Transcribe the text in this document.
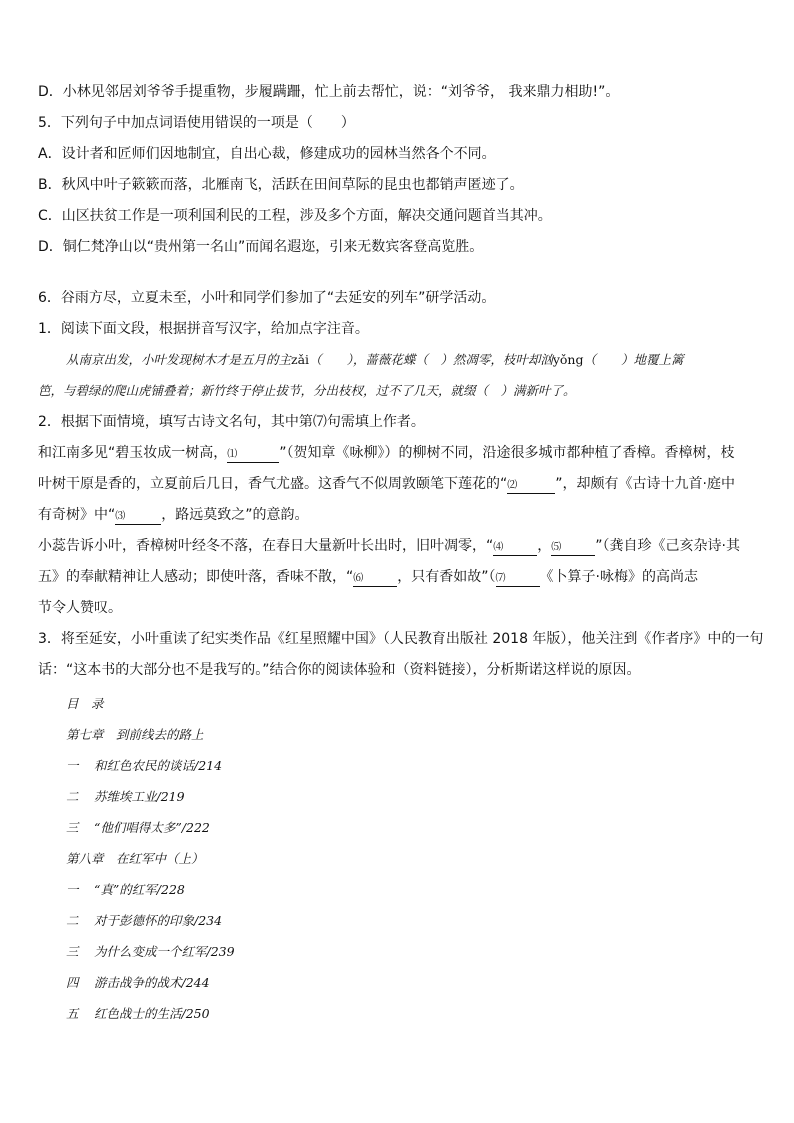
D．小林见邻居刘爷爷手提重物，步履蹒跚，忙上前去帮忙，说：“刘爷爷， 我来鼎力相助!”。
5．下列句子中加点词语使用错误的一项是（　　）
A．设计者和匠师们因地制宜，自出心裁，修建成功的园林当然各个不同。
B．秋风中叶子簌簌而落，北雁南飞，活跃在田间草际的昆虫也都销声匿迹了。
C．山区扶贫工作是一项利国利民的工程，涉及多个方面，解决交通问题首当其冲。
D．铜仁梵净山以“贵州第一名山”而闻名遐迩，引来无数宾客登高览胜。
6．谷雨方尽，立夏未至，小叶和同学们参加了“去延安的列车”研学活动。
1．阅读下面文段，根据拼音写汉字，给加点字注音。
从南京出发，小叶发现树木才是五月的主zǎi（　　），蔷薇花蝶（　）然凋零，枝叶却汹yǒng（　　）地覆上篱
笆，与碧绿的爬山虎铺叠着；新竹终于停止拔节，分出枝杈，过不了几天，就缀（　）满新叶了。
2．根据下面情境，填写古诗文名句，其中第⑺句需填上作者。
和江南多见“碧玉妆成一树高，⑴	”（贺知章《咏柳》）的柳树不同，沿途很多城市都种植了香樟。香樟树，枝
叶树干原是香的，立夏前后几日，香气尤盛。这香气不似周敦颐笔下莲花的“⑵	”，却颇有《古诗十九首·庭中
有奇树》中“⑶	，路远莫致之”的意韵。
小蕊告诉小叶，香樟树叶经冬不落，在春日大量新叶长出时，旧叶凋零，“⑷ ，⑸ ”（龚自珍《己亥杂诗·其
五》的奉献精神让人感动；即使叶落，香味不散，“⑹ ，只有香如故”（⑺ 《卜算子·咏梅》的高尚志
节令人赞叹。
3．将至延安，小叶重读了纪实类作品《红星照耀中国》（人民教育出版社 2018 年版），他关注到《作者序》中的一句
话：“这本书的大部分也不是我写的。”结合你的阅读体验和（资料链接），分析斯诺这样说的原因。
目　录
第七章　到前线去的路上
一 和红色农民的谈话/214
二 苏维埃工业/219
三 “他们唱得太多”/222
第八章　在红军中（上）
一 “真”的红军/228
二 对于彭德怀的印象/234
三 为什么变成一个红军/239
四 游击战争的战术/244
五 红色战士的生活/250
